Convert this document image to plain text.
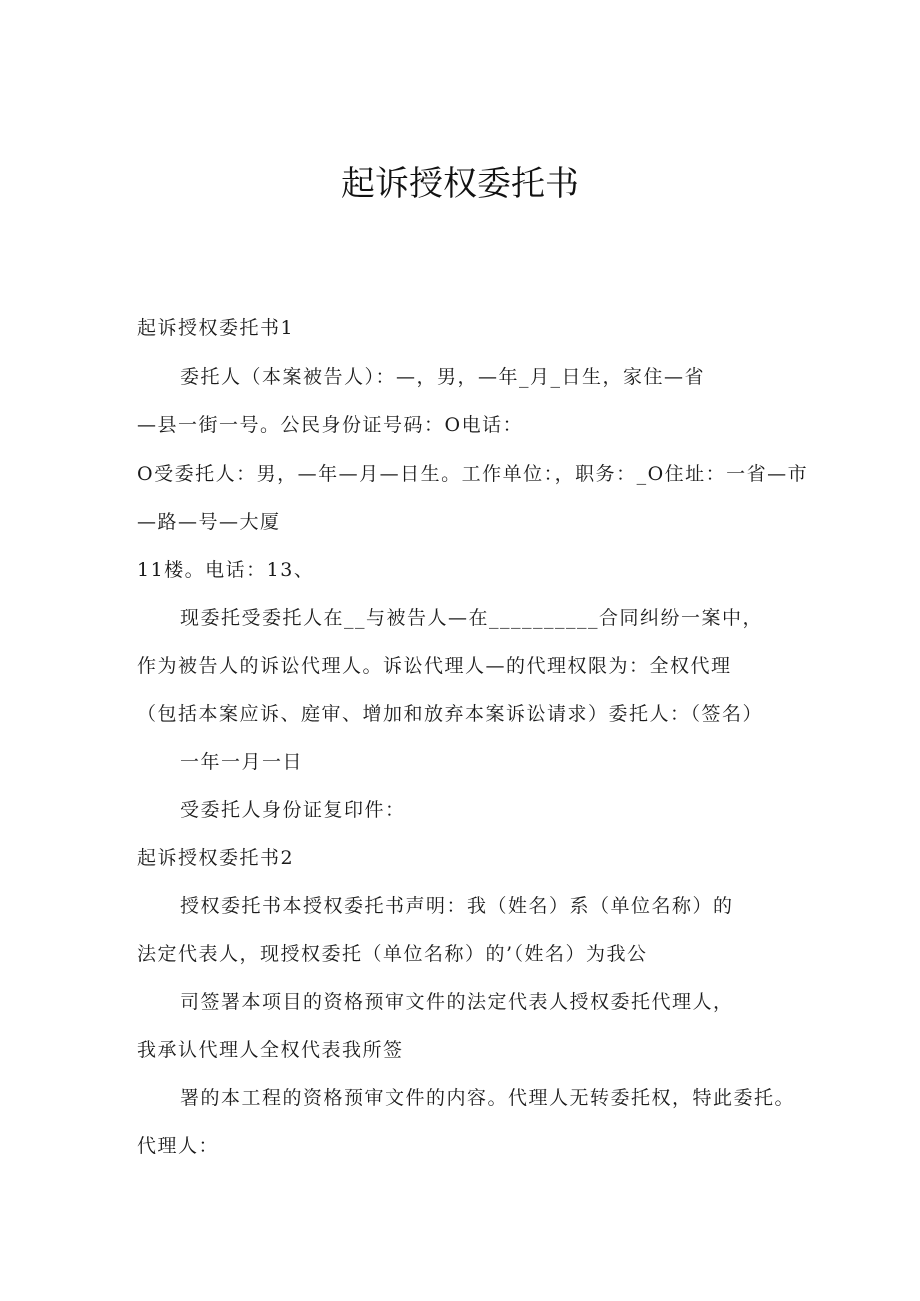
起诉授权委托书
起诉授权委托书1
委托人（本案被告人）：—，男，—年_月_日生，家住—省
—县一街一号。公民身份证号码：O电话：
O受委托人：男，—年—月—日生。工作单位：，职务：_O住址：一省—市
—路—号—大厦
11楼。电话：13、
现委托受委托人在__与被告人—在__________合同纠纷一案中，
作为被告人的诉讼代理人。诉讼代理人—的代理权限为：全权代理
（包括本案应诉、庭审、增加和放弃本案诉讼请求）委托人：（签名）
一年一月一日
受委托人身份证复印件：
起诉授权委托书2
授权委托书本授权委托书声明：我（姓名）系（单位名称）的
法定代表人，现授权委托（单位名称）的’（姓名）为我公
司签署本项目的资格预审文件的法定代表人授权委托代理人，
我承认代理人全权代表我所签
署的本工程的资格预审文件的内容。代理人无转委托权，特此委托。
代理人：
